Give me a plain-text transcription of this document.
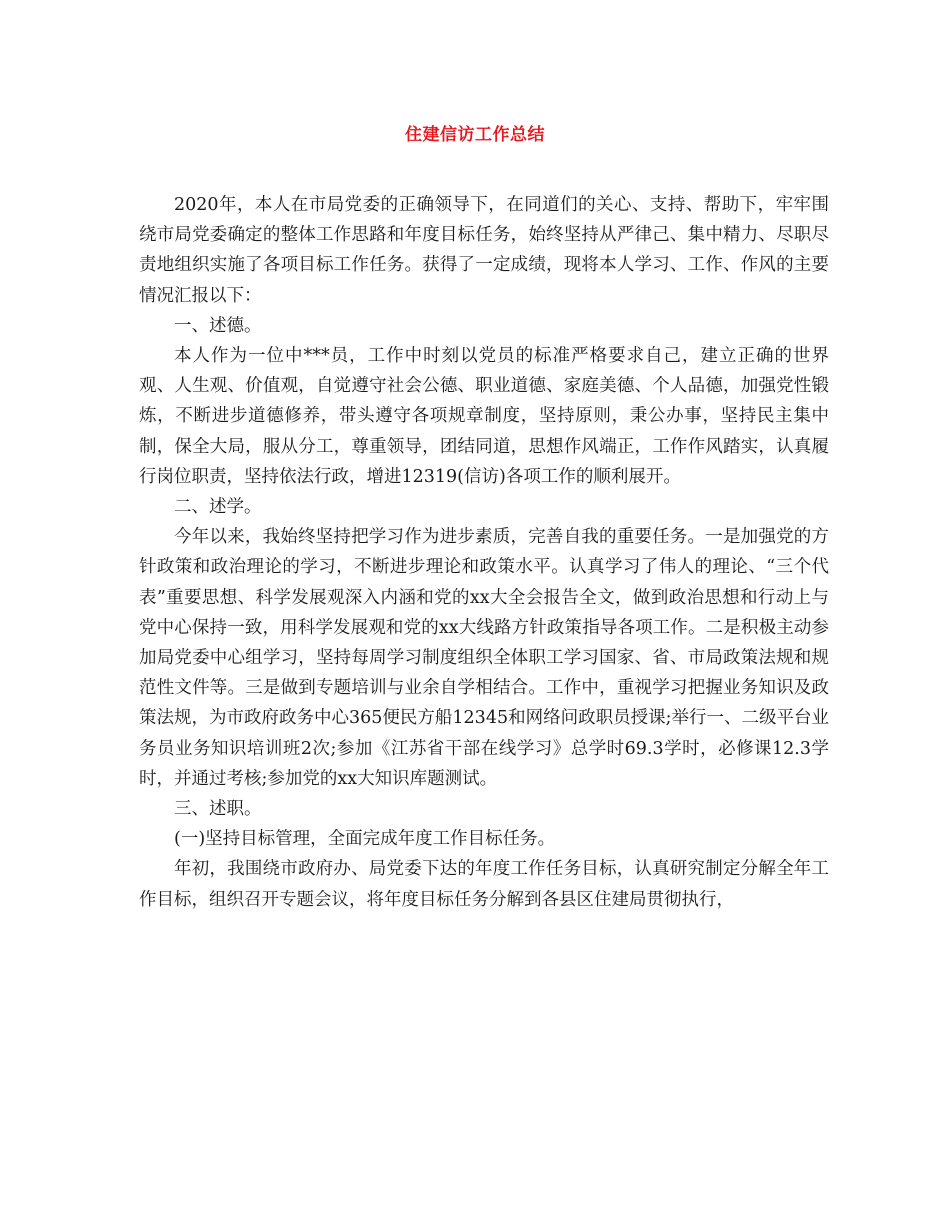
住建信访工作总结

2020年，本人在市局党委的正确领导下，在同道们的关心、支持、帮助下，牢牢围绕市局党委确定的整体工作思路和年度目标任务，始终坚持从严律己、集中精力、尽职尽责地组织实施了各项目标工作任务。获得了一定成绩，现将本人学习、工作、作风的主要情况汇报以下：

一、述德。

本人作为一位中***员，工作中时刻以党员的标准严格要求自己，建立正确的世界观、人生观、价值观，自觉遵守社会公德、职业道德、家庭美德、个人品德，加强党性锻炼，不断进步道德修养，带头遵守各项规章制度，坚持原则，秉公办事，坚持民主集中制，保全大局，服从分工，尊重领导，团结同道，思想作风端正，工作作风踏实，认真履行岗位职责，坚持依法行政，增进12319(信访)各项工作的顺利展开。

二、述学。

今年以来，我始终坚持把学习作为进步素质，完善自我的重要任务。一是加强党的方针政策和政治理论的学习，不断进步理论和政策水平。认真学习了伟人的理论、“三个代表”重要思想、科学发展观深入内涵和党的xx大全会报告全文，做到政治思想和行动上与党中心保持一致，用科学发展观和党的xx大线路方针政策指导各项工作。二是积极主动参加局党委中心组学习，坚持每周学习制度组织全体职工学习国家、省、市局政策法规和规范性文件等。三是做到专题培训与业余自学相结合。工作中，重视学习把握业务知识及政策法规，为市政府政务中心365便民方船12345和网络问政职员授课;举行一、二级平台业务员业务知识培训班2次;参加《江苏省干部在线学习》总学时69.3学时，必修课12.3学时，并通过考核;参加党的xx大知识库题测试。

三、述职。

(一)坚持目标管理，全面完成年度工作目标任务。

年初，我围绕市政府办、局党委下达的年度工作任务目标，认真研究制定分解全年工作目标，组织召开专题会议，将年度目标任务分解到各县区住建局贯彻执行，
